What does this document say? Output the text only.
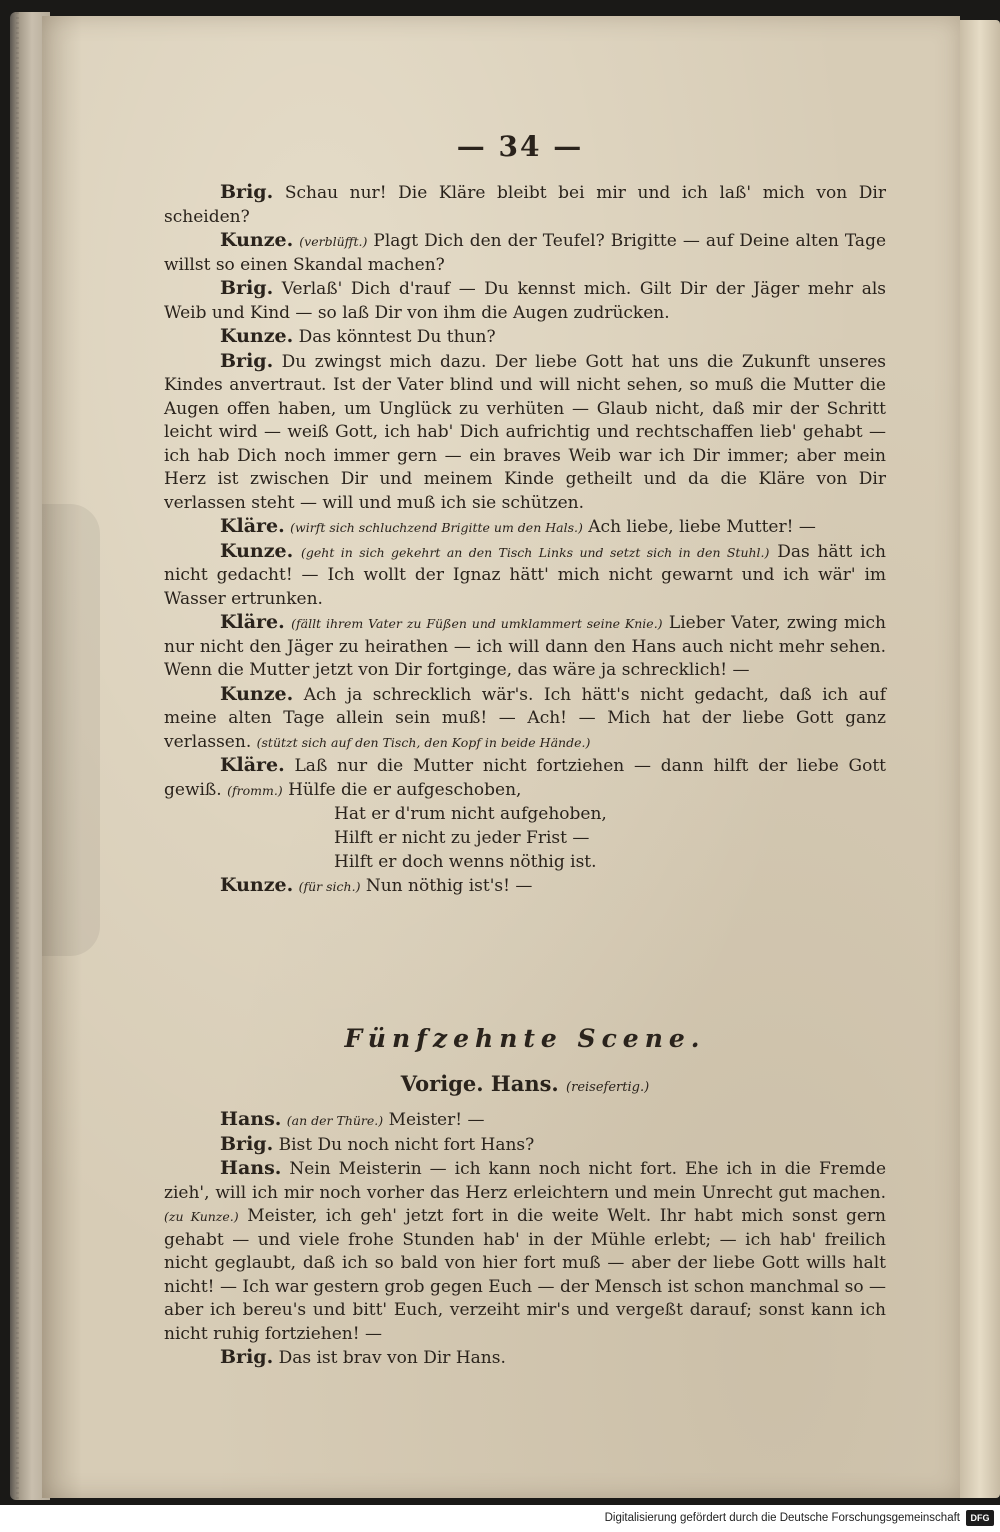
— 34 —

Brig. Schau nur! Die Kläre bleibt bei mir und ich laß' mich von Dir scheiden?

Kunze. (verblüfft.) Plagt Dich den der Teufel? Brigitte — auf Deine alten Tage willst so einen Skandal machen?

Brig. Verlaß' Dich d'rauf — Du kennst mich. Gilt Dir der Jäger mehr als Weib und Kind — so laß Dir von ihm die Augen zudrücken.

Kunze. Das könntest Du thun?

Brig. Du zwingst mich dazu. Der liebe Gott hat uns die Zukunft unseres Kindes anvertraut. Ist der Vater blind und will nicht sehen, so muß die Mutter die Augen offen haben, um Unglück zu verhüten — Glaub nicht, daß mir der Schritt leicht wird — weiß Gott, ich hab' Dich aufrichtig und rechtschaffen lieb' gehabt — ich hab Dich noch immer gern — ein braves Weib war ich Dir immer; aber mein Herz ist zwischen Dir und meinem Kinde getheilt und da die Kläre von Dir verlassen steht — will und muß ich sie schützen.

Kläre. (wirft sich schluchzend Brigitte um den Hals.) Ach liebe, liebe Mutter! —

Kunze. (geht in sich gekehrt an den Tisch Links und setzt sich in den Stuhl.) Das hätt ich nicht gedacht! — Ich wollt der Ignaz hätt' mich nicht gewarnt und ich wär' im Wasser ertrunken.

Kläre. (fällt ihrem Vater zu Füßen und umklammert seine Knie.) Lieber Vater, zwing mich nur nicht den Jäger zu heirathen — ich will dann den Hans auch nicht mehr sehen. Wenn die Mutter jetzt von Dir fortginge, das wäre ja schrecklich! —

Kunze. Ach ja schrecklich wär's. Ich hätt's nicht gedacht, daß ich auf meine alten Tage allein sein muß! — Ach! — Mich hat der liebe Gott ganz verlassen. (stützt sich auf den Tisch, den Kopf in beide Hände.)

Kläre. Laß nur die Mutter nicht fortziehen — dann hilft der liebe Gott gewiß. (fromm.) Hülfe die er aufgeschoben,

Hat er d'rum nicht aufgehoben,

Hilft er nicht zu jeder Frist —

Hilft er doch wenns nöthig ist.

Kunze. (für sich.) Nun nöthig ist's! —

Fünfzehnte Scene.
Vorige. Hans. (reisefertig.)

Hans. (an der Thüre.) Meister! —

Brig. Bist Du noch nicht fort Hans?

Hans. Nein Meisterin — ich kann noch nicht fort. Ehe ich in die Fremde zieh', will ich mir noch vorher das Herz erleichtern und mein Unrecht gut machen. (zu Kunze.) Meister, ich geh' jetzt fort in die weite Welt. Ihr habt mich sonst gern gehabt — und viele frohe Stunden hab' in der Mühle erlebt; — ich hab' freilich nicht geglaubt, daß ich so bald von hier fort muß — aber der liebe Gott wills halt nicht! — Ich war gestern grob gegen Euch — der Mensch ist schon manchmal so — aber ich bereu's und bitt' Euch, verzeiht mir's und vergeßt darauf; sonst kann ich nicht ruhig fortziehen! —

Brig. Das ist brav von Dir Hans.

Digitalisierung gefördert durch die Deutsche Forschungsgemeinschaft	DFG
